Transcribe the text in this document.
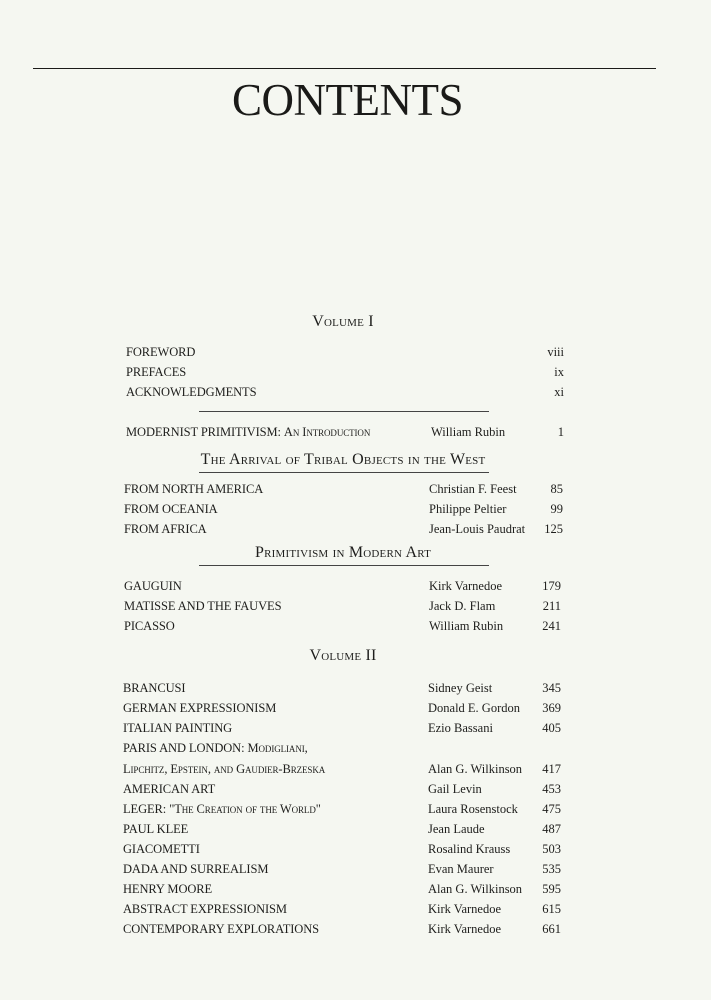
CONTENTS
Volume I
FOREWORD	viii
PREFACES	ix
ACKNOWLEDGMENTS	xi
MODERNIST PRIMITIVISM: An Introduction	William Rubin	1
The Arrival of Tribal Objects in the West
FROM NORTH AMERICA	Christian F. Feest	85
FROM OCEANIA	Philippe Peltier	99
FROM AFRICA	Jean-Louis Paudrat	125
Primitivism in Modern Art
GAUGUIN	Kirk Varnedoe	179
MATISSE AND THE FAUVES	Jack D. Flam	211
PICASSO	William Rubin	241
Volume II
BRANCUSI	Sidney Geist	345
GERMAN EXPRESSIONISM	Donald E. Gordon	369
ITALIAN PAINTING	Ezio Bassani	405
PARIS AND LONDON: Modigliani,
Lipchitz, Epstein, and Gaudier-Brzeska	Alan G. Wilkinson	417
AMERICAN ART	Gail Levin	453
LEGER: "The Creation of the World"	Laura Rosenstock	475
PAUL KLEE	Jean Laude	487
GIACOMETTI	Rosalind Krauss	503
DADA AND SURREALISM	Evan Maurer	535
HENRY MOORE	Alan G. Wilkinson	595
ABSTRACT EXPRESSIONISM	Kirk Varnedoe	615
CONTEMPORARY EXPLORATIONS	Kirk Varnedoe	661
